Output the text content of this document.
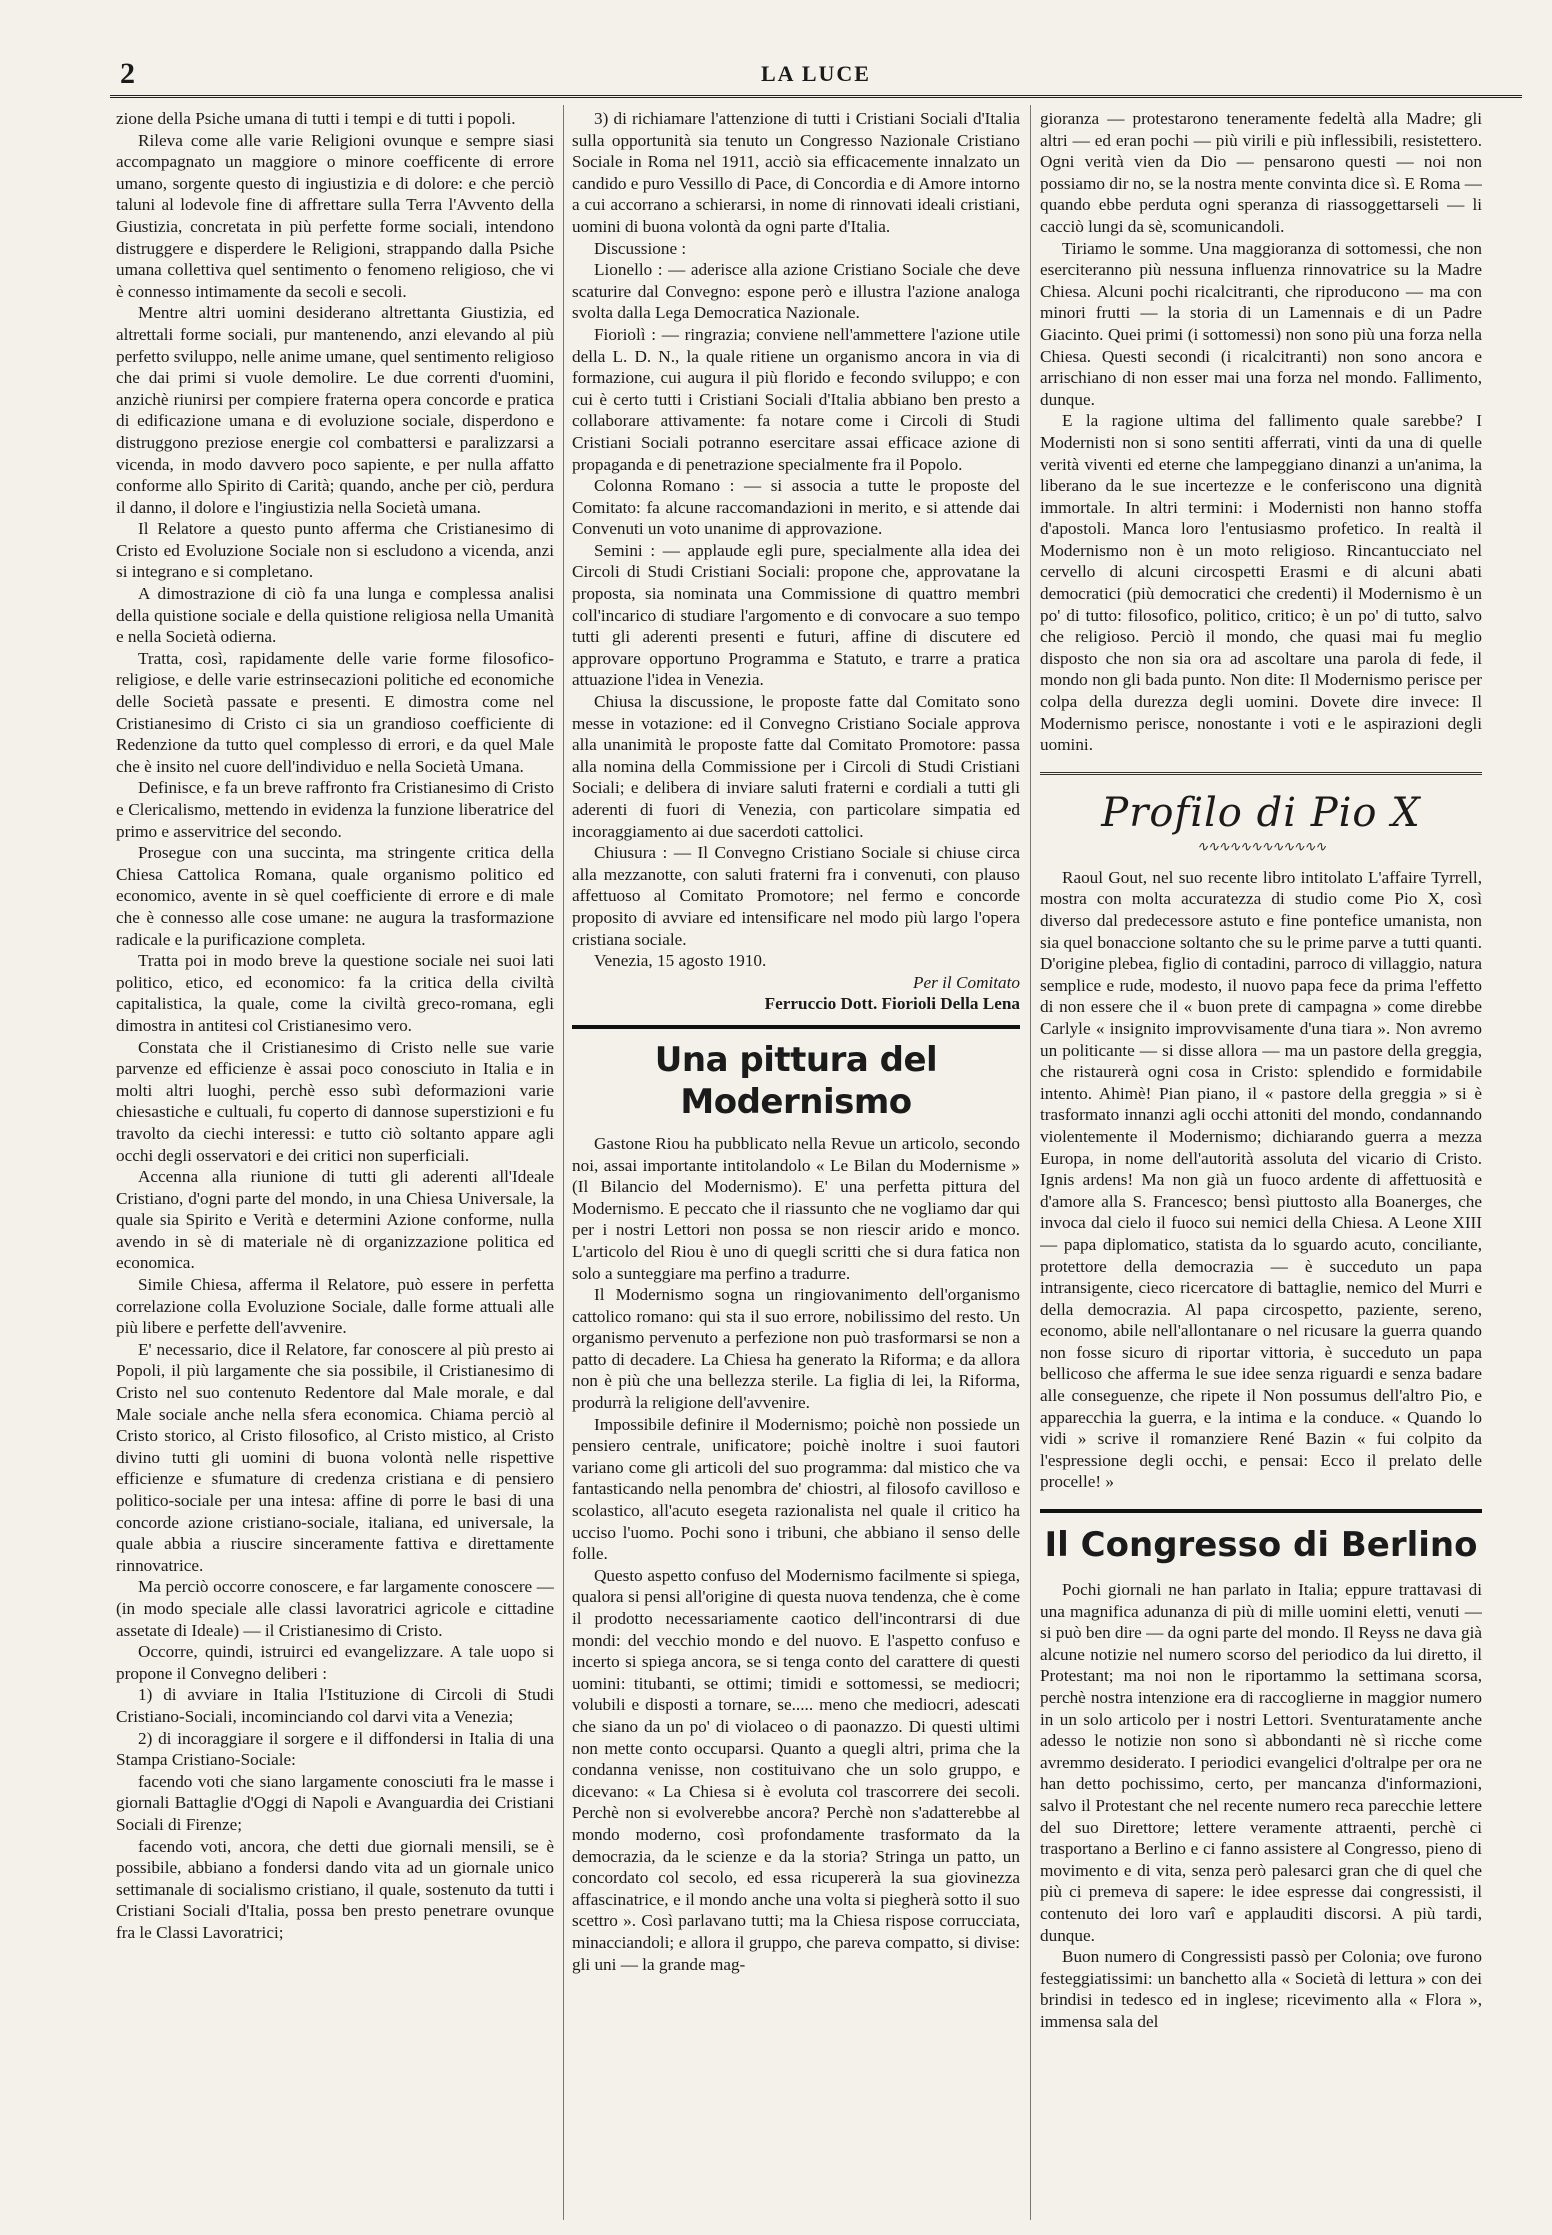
2	LA LUCE

zione della Psiche umana di tutti i tempi e di tutti i popoli.

Rileva come alle varie Religioni ovunque e sempre siasi accompagnato un maggiore o minore coefficente di errore umano, sorgente questo di ingiustizia e di dolore: e che perciò taluni al lodevole fine di affrettare sulla Terra l'Avvento della Giustizia, concretata in più perfette forme sociali, intendono distruggere e disperdere le Religioni, strappando dalla Psiche umana collettiva quel sentimento o fenomeno religioso, che vi è connesso intimamente da secoli e secoli.

Mentre altri uomini desiderano altrettanta Giustizia, ed altrettali forme sociali, pur mantenendo, anzi elevando al più perfetto sviluppo, nelle anime umane, quel sentimento religioso che dai primi si vuole demolire. Le due correnti d'uomini, anzichè riunirsi per compiere fraterna opera concorde e pratica di edificazione umana e di evoluzione sociale, disperdono e distruggono preziose energie col combattersi e paralizzarsi a vicenda, in modo davvero poco sapiente, e per nulla affatto conforme allo Spirito di Carità; quando, anche per ciò, perdura il danno, il dolore e l'ingiustizia nella Società umana.

Il Relatore a questo punto afferma che Cristianesimo di Cristo ed Evoluzione Sociale non si escludono a vicenda, anzi si integrano e si completano.

A dimostrazione di ciò fa una lunga e complessa analisi della quistione sociale e della quistione religiosa nella Umanità e nella Società odierna.

Tratta, così, rapidamente delle varie forme filosofico-religiose, e delle varie estrinsecazioni politiche ed economiche delle Società passate e presenti. E dimostra come nel Cristianesimo di Cristo ci sia un grandioso coefficiente di Redenzione da tutto quel complesso di errori, e da quel Male che è insito nel cuore dell'individuo e nella Società Umana.

Definisce, e fa un breve raffronto fra Cristianesimo di Cristo e Clericalismo, mettendo in evidenza la funzione liberatrice del primo e asservitrice del secondo.

Prosegue con una succinta, ma stringente critica della Chiesa Cattolica Romana, quale organismo politico ed economico, avente in sè quel coefficiente di errore e di male che è connesso alle cose umane: ne augura la trasformazione radicale e la purificazione completa.

Tratta poi in modo breve la questione sociale nei suoi lati politico, etico, ed economico: fa la critica della civiltà capitalistica, la quale, come la civiltà greco-romana, egli dimostra in antitesi col Cristianesimo vero.

Constata che il Cristianesimo di Cristo nelle sue varie parvenze ed efficienze è assai poco conosciuto in Italia e in molti altri luoghi, perchè esso subì deformazioni varie chiesastiche e cultuali, fu coperto di dannose superstizioni e fu travolto da ciechi interessi: e tutto ciò soltanto appare agli occhi degli osservatori e dei critici non superficiali.

Accenna alla riunione di tutti gli aderenti all'Ideale Cristiano, d'ogni parte del mondo, in una Chiesa Universale, la quale sia Spirito e Verità e determini Azione conforme, nulla avendo in sè di materiale nè di organizzazione politica ed economica.

Simile Chiesa, afferma il Relatore, può essere in perfetta correlazione colla Evoluzione Sociale, dalle forme attuali alle più libere e perfette dell'avvenire.

E' necessario, dice il Relatore, far conoscere al più presto ai Popoli, il più largamente che sia possibile, il Cristianesimo di Cristo nel suo contenuto Redentore dal Male morale, e dal Male sociale anche nella sfera economica. Chiama perciò al Cristo storico, al Cristo filosofico, al Cristo mistico, al Cristo divino tutti gli uomini di buona volontà nelle rispettive efficienze e sfumature di credenza cristiana e di pensiero politico-sociale per una intesa: affine di porre le basi di una concorde azione cristiano-sociale, italiana, ed universale, la quale abbia a riuscire sinceramente fattiva e direttamente rinnovatrice.

Ma perciò occorre conoscere, e far largamente conoscere — (in modo speciale alle classi lavoratrici agricole e cittadine assetate di Ideale) — il Cristianesimo di Cristo.

Occorre, quindi, istruirci ed evangelizzare. A tale uopo si propone il Convegno deliberi :

1) di avviare in Italia l'Istituzione di Circoli di Studi Cristiano-Sociali, incominciando col darvi vita a Venezia;

2) di incoraggiare il sorgere e il diffondersi in Italia di una Stampa Cristiano-Sociale:

facendo voti che siano largamente conosciuti fra le masse i giornali Battaglie d'Oggi di Napoli e Avanguardia dei Cristiani Sociali di Firenze;

facendo voti, ancora, che detti due giornali mensili, se è possibile, abbiano a fondersi dando vita ad un giornale unico settimanale di socialismo cristiano, il quale, sostenuto da tutti i Cristiani Sociali d'Italia, possa ben presto penetrare ovunque fra le Classi Lavoratrici;

3) di richiamare l'attenzione di tutti i Cristiani Sociali d'Italia sulla opportunità sia tenuto un Congresso Nazionale Cristiano Sociale in Roma nel 1911, acciò sia efficacemente innalzato un candido e puro Vessillo di Pace, di Concordia e di Amore intorno a cui accorrano a schierarsi, in nome di rinnovati ideali cristiani, uomini di buona volontà da ogni parte d'Italia.

Discussione :

Lionello : — aderisce alla azione Cristiano Sociale che deve scaturire dal Convegno: espone però e illustra l'azione analoga svolta dalla Lega Democratica Nazionale.

Fioriolì : — ringrazia; conviene nell'ammettere l'azione utile della L. D. N., la quale ritiene un organismo ancora in via di formazione, cui augura il più florido e fecondo sviluppo; e con cui è certo tutti i Cristiani Sociali d'Italia abbiano ben presto a collaborare attivamente: fa notare come i Circoli di Studi Cristiani Sociali potranno esercitare assai efficace azione di propaganda e di penetrazione specialmente fra il Popolo.

Colonna Romano : — si associa a tutte le proposte del Comitato: fa alcune raccomandazioni in merito, e si attende dai Convenuti un voto unanime di approvazione.

Semini : — applaude egli pure, specialmente alla idea dei Circoli di Studi Cristiani Sociali: propone che, approvatane la proposta, sia nominata una Commissione di quattro membri coll'incarico di studiare l'argomento e di convocare a suo tempo tutti gli aderenti presenti e futuri, affine di discutere ed approvare opportuno Programma e Statuto, e trarre a pratica attuazione l'idea in Venezia.

Chiusa la discussione, le proposte fatte dal Comitato sono messe in votazione: ed il Convegno Cristiano Sociale approva alla unanimità le proposte fatte dal Comitato Promotore: passa alla nomina della Commissione per i Circoli di Studi Cristiani Sociali; e delibera di inviare saluti fraterni e cordiali a tutti gli aderenti di fuori di Venezia, con particolare simpatia ed incoraggiamento ai due sacerdoti cattolici.

Chiusura : — Il Convegno Cristiano Sociale si chiuse circa alla mezzanotte, con saluti fraterni fra i convenuti, con plauso affettuoso al Comitato Promotore; nel fermo e concorde proposito di avviare ed intensificare nel modo più largo l'opera cristiana sociale.

Venezia, 15 agosto 1910.

Per il Comitato

Ferruccio Dott. Fiorioli Della Lena

Una pittura del Modernismo

Gastone Riou ha pubblicato nella Revue un articolo, secondo noi, assai importante intitolandolo « Le Bilan du Modernisme » (Il Bilancio del Modernismo). E' una perfetta pittura del Modernismo. E peccato che il riassunto che ne vogliamo dar qui per i nostri Lettori non possa se non riescir arido e monco. L'articolo del Riou è uno di quegli scritti che si dura fatica non solo a sunteggiare ma perfino a tradurre.

Il Modernismo sogna un ringiovanimento dell'organismo cattolico romano: qui sta il suo errore, nobilissimo del resto. Un organismo pervenuto a perfezione non può trasformarsi se non a patto di decadere. La Chiesa ha generato la Riforma; e da allora non è più che una bellezza sterile. La figlia di lei, la Riforma, produrrà la religione dell'avvenire.

Impossibile definire il Modernismo; poichè non possiede un pensiero centrale, unificatore; poichè inoltre i suoi fautori variano come gli articoli del suo programma: dal mistico che va fantasticando nella penombra de' chiostri, al filosofo cavilloso e scolastico, all'acuto esegeta razionalista nel quale il critico ha ucciso l'uomo. Pochi sono i tribuni, che abbiano il senso delle folle.

Questo aspetto confuso del Modernismo facilmente si spiega, qualora si pensi all'origine di questa nuova tendenza, che è come il prodotto necessariamente caotico dell'incontrarsi di due mondi: del vecchio mondo e del nuovo. E l'aspetto confuso e incerto si spiega ancora, se si tenga conto del carattere di questi uomini: titubanti, se ottimi; timidi e sottomessi, se mediocri; volubili e disposti a tornare, se..... meno che mediocri, adescati che siano da un po' di violaceo o di paonazzo. Di questi ultimi non mette conto occuparsi. Quanto a quegli altri, prima che la condanna venisse, non costituivano che un solo gruppo, e dicevano: « La Chiesa si è evoluta col trascorrere dei secoli. Perchè non si evolverebbe ancora? Perchè non s'adatterebbe al mondo moderno, così profondamente trasformato da la democrazia, da le scienze e da la storia? Stringa un patto, un concordato col secolo, ed essa ricupererà la sua giovinezza affascinatrice, e il mondo anche una volta si piegherà sotto il suo scettro ». Così parlavano tutti; ma la Chiesa rispose corrucciata, minacciandoli; e allora il gruppo, che pareva compatto, si divise: gli uni — la grande mag-

gioranza — protestarono teneramente fedeltà alla Madre; gli altri — ed eran pochi — più virili e più inflessibili, resistettero. Ogni verità vien da Dio — pensarono questi — noi non possiamo dir no, se la nostra mente convinta dice sì. E Roma — quando ebbe perduta ogni speranza di riassoggettarseli — li cacciò lungi da sè, scomunicandoli.

Tiriamo le somme. Una maggioranza di sottomessi, che non eserciteranno più nessuna influenza rinnovatrice su la Madre Chiesa. Alcuni pochi ricalcitranti, che riproducono — ma con minori frutti — la storia di un Lamennais e di un Padre Giacinto. Quei primi (i sottomessi) non sono più una forza nella Chiesa. Questi secondi (i ricalcitranti) non sono ancora e arrischiano di non esser mai una forza nel mondo. Fallimento, dunque.

E la ragione ultima del fallimento quale sarebbe? I Modernisti non si sono sentiti afferrati, vinti da una di quelle verità viventi ed eterne che lampeggiano dinanzi a un'anima, la liberano da le sue incertezze e le conferiscono una dignità immortale. In altri termini: i Modernisti non hanno stoffa d'apostoli. Manca loro l'entusiasmo profetico. In realtà il Modernismo non è un moto religioso. Rincantucciato nel cervello di alcuni circospetti Erasmi e di alcuni abati democratici (più democratici che credenti) il Modernismo è un po' di tutto: filosofico, politico, critico; è un po' di tutto, salvo che religioso. Perciò il mondo, che quasi mai fu meglio disposto che non sia ora ad ascoltare una parola di fede, il mondo non gli bada punto. Non dite: Il Modernismo perisce per colpa della durezza degli uomini. Dovete dire invece: Il Modernismo perisce, nonostante i voti e le aspirazioni degli uomini.

Profilo di Pio X
∿∿∿∿∿∿∿∿∿∿∿∿

Raoul Gout, nel suo recente libro intitolato L'affaire Tyrrell, mostra con molta accuratezza di studio come Pio X, così diverso dal predecessore astuto e fine pontefice umanista, non sia quel bonaccione soltanto che su le prime parve a tutti quanti. D'origine plebea, figlio di contadini, parroco di villaggio, natura semplice e rude, modesto, il nuovo papa fece da prima l'effetto di non essere che il « buon prete di campagna » come direbbe Carlyle « insignito improvvisamente d'una tiara ». Non avremo un politicante — si disse allora — ma un pastore della greggia, che ristaurerà ogni cosa in Cristo: splendido e formidabile intento. Ahimè! Pian piano, il « pastore della greggia » si è trasformato innanzi agli occhi attoniti del mondo, condannando violentemente il Modernismo; dichiarando guerra a mezza Europa, in nome dell'autorità assoluta del vicario di Cristo. Ignis ardens! Ma non già un fuoco ardente di affettuosità e d'amore alla S. Francesco; bensì piuttosto alla Boanerges, che invoca dal cielo il fuoco sui nemici della Chiesa. A Leone XIII — papa diplomatico, statista da lo sguardo acuto, conciliante, protettore della democrazia — è succeduto un papa intransigente, cieco ricercatore di battaglie, nemico del Murri e della democrazia. Al papa circospetto, paziente, sereno, economo, abile nell'allontanare o nel ricusare la guerra quando non fosse sicuro di riportar vittoria, è succeduto un papa bellicoso che afferma le sue idee senza riguardi e senza badare alle conseguenze, che ripete il Non possumus dell'altro Pio, e apparecchia la guerra, e la intima e la conduce. « Quando lo vidi » scrive il romanziere René Bazin « fui colpito da l'espressione degli occhi, e pensai: Ecco il prelato delle procelle! »

Il Congresso di Berlino

Pochi giornali ne han parlato in Italia; eppure trattavasi di una magnifica adunanza di più di mille uomini eletti, venuti — si può ben dire — da ogni parte del mondo. Il Reyss ne dava già alcune notizie nel numero scorso del periodico da lui diretto, il Protestant; ma noi non le riportammo la settimana scorsa, perchè nostra intenzione era di raccoglierne in maggior numero in un solo articolo per i nostri Lettori. Sventuratamente anche adesso le notizie non sono sì abbondanti nè sì ricche come avremmo desiderato. I periodici evangelici d'oltralpe per ora ne han detto pochissimo, certo, per mancanza d'informazioni, salvo il Protestant che nel recente numero reca parecchie lettere del suo Direttore; lettere veramente attraenti, perchè ci trasportano a Berlino e ci fanno assistere al Congresso, pieno di movimento e di vita, senza però palesarci gran che di quel che più ci premeva di sapere: le idee espresse dai congressisti, il contenuto dei loro varî e applauditi discorsi. A più tardi, dunque.

Buon numero di Congressisti passò per Colonia; ove furono festeggiatissimi: un banchetto alla « Società di lettura » con dei brindisi in tedesco ed in inglese; ricevimento alla « Flora », immensa sala del
